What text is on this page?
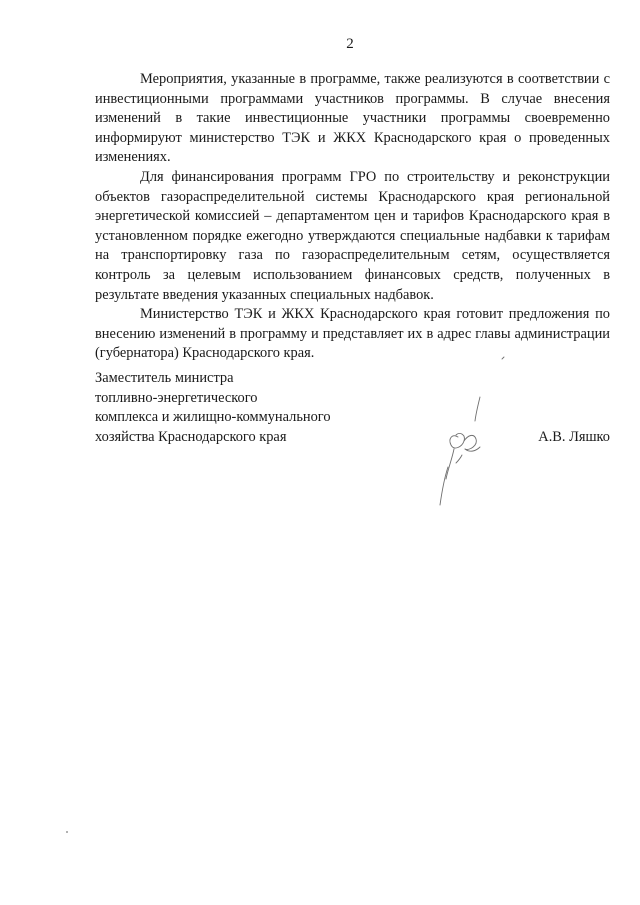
2

Мероприятия, указанные в программе, также реализуются в соответствии с инвестиционными программами участников программы. В случае внесения изменений в такие инвестиционные участники программы своевременно информируют министерство ТЭК и ЖКХ Краснодарского края о проведенных изменениях.

Для финансирования программ ГРО по строительству и реконструкции объектов газораспределительной системы Краснодарского края региональной энергетической комиссией – департаментом цен и тарифов Краснодарского края в установленном порядке ежегодно утверждаются специальные надбавки к тарифам на транспортировку газа по газораспределительным сетям, осуществляется контроль за целевым использованием финансовых средств, полученных в результате введения указанных специальных надбавок.

Министерство ТЭК и ЖКХ Краснодарского края готовит предложения по внесению изменений в программу и представляет их в адрес главы администрации (губернатора) Краснодарского края.

Заместитель министра
топливно-энергетического
комплекса и жилищно-коммунального
хозяйства Краснодарского края	А.В. Ляшко
